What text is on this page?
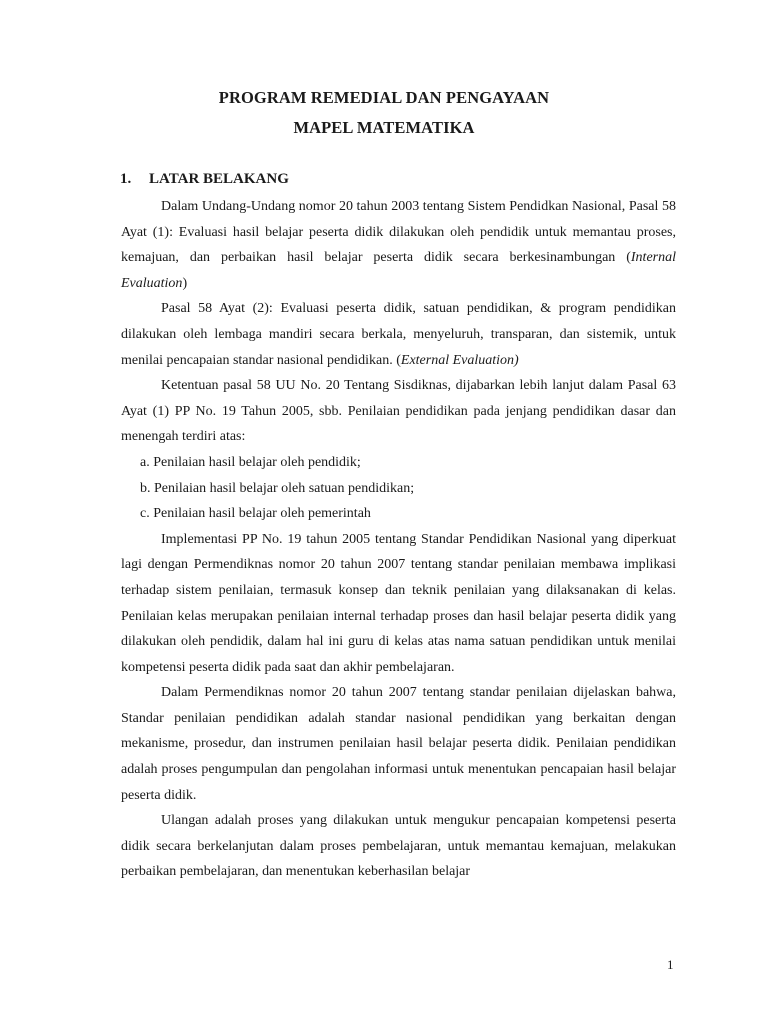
PROGRAM REMEDIAL DAN PENGAYAAN
MAPEL MATEMATIKA
1. LATAR BELAKANG

Dalam Undang-Undang nomor 20 tahun 2003 tentang Sistem Pendidkan Nasional, Pasal 58 Ayat (1): Evaluasi hasil belajar peserta didik dilakukan oleh pendidik untuk memantau proses, kemajuan, dan perbaikan hasil belajar peserta didik secara berkesinambungan (Internal Evaluation)

Pasal 58 Ayat (2): Evaluasi peserta didik, satuan pendidikan, & program pendidikan dilakukan oleh lembaga mandiri secara berkala, menyeluruh, transparan, dan sistemik, untuk menilai pencapaian standar nasional pendidikan. (External Evaluation)

Ketentuan pasal 58 UU No. 20 Tentang Sisdiknas, dijabarkan lebih lanjut dalam Pasal 63 Ayat (1) PP No. 19 Tahun 2005, sbb. Penilaian pendidikan pada jenjang pendidikan dasar dan menengah terdiri atas:

a. Penilaian hasil belajar oleh pendidik;
b. Penilaian hasil belajar oleh satuan pendidikan;
c. Penilaian hasil belajar oleh pemerintah

Implementasi PP No. 19 tahun 2005 tentang Standar Pendidikan Nasional yang diperkuat lagi dengan Permendiknas nomor 20 tahun 2007 tentang standar penilaian membawa implikasi terhadap sistem penilaian, termasuk konsep dan teknik penilaian yang dilaksanakan di kelas. Penilaian kelas merupakan penilaian internal terhadap proses dan hasil belajar peserta didik yang dilakukan oleh pendidik, dalam hal ini guru di kelas atas nama satuan pendidikan untuk menilai kompetensi peserta didik pada saat dan akhir pembelajaran.

Dalam Permendiknas nomor 20 tahun 2007 tentang standar penilaian dijelaskan bahwa, Standar penilaian pendidikan adalah standar nasional pendidikan yang berkaitan dengan mekanisme, prosedur, dan instrumen penilaian hasil belajar peserta didik. Penilaian pendidikan adalah proses pengumpulan dan pengolahan informasi untuk menentukan pencapaian hasil belajar peserta didik.

Ulangan adalah proses yang dilakukan untuk mengukur pencapaian kompetensi peserta didik secara berkelanjutan dalam proses pembelajaran, untuk memantau kemajuan, melakukan perbaikan pembelajaran, dan menentukan keberhasilan belajar

1
